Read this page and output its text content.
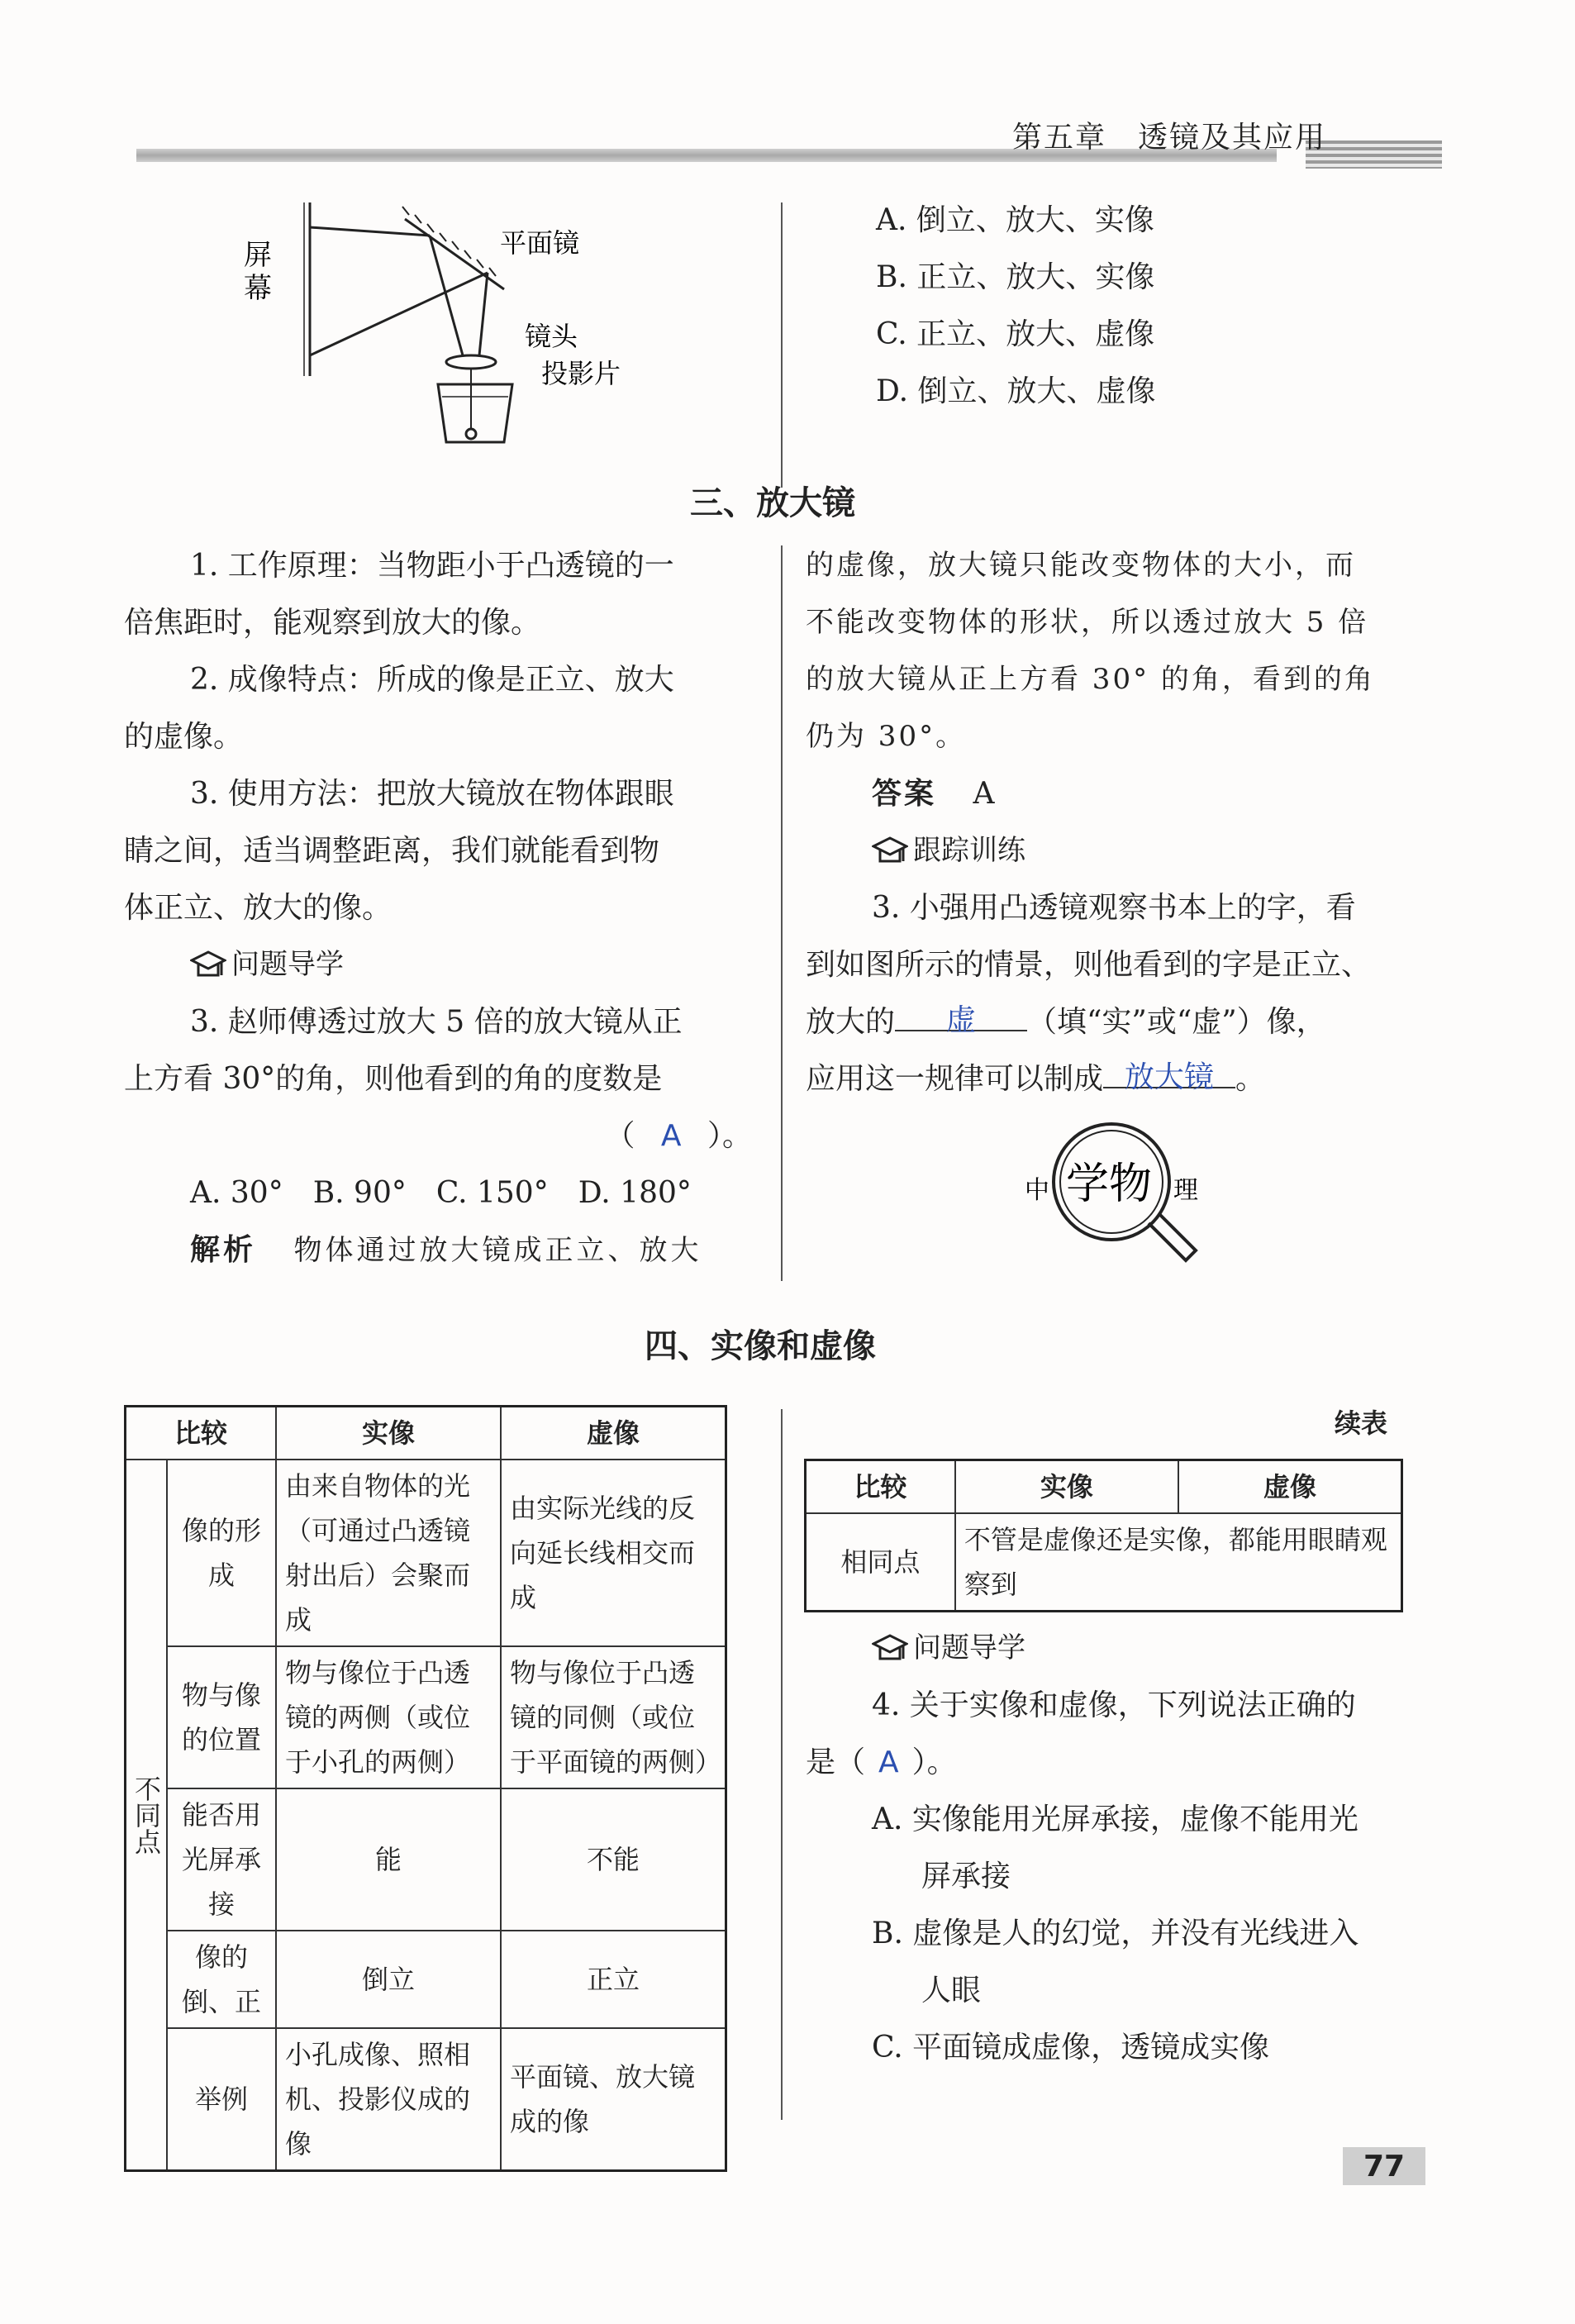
第五章　透镜及其应用
屏
幕
平面镜
镜头
投影片
A. 倒立、放大、实像
B. 正立、放大、实像
C. 正立、放大、虚像
D. 倒立、放大、虚像
三、放大镜
1. 工作原理：当物距小于凸透镜的一
倍焦距时，能观察到放大的像。
2. 成像特点：所成的像是正立、放大
的虚像。
3. 使用方法：把放大镜放在物体跟眼
睛之间，适当调整距离，我们就能看到物
体正立、放大的像。
问题导学
3. 赵师傅透过放大 5 倍的放大镜从正
上方看 30°的角，则他看到的角的度数是
（ A ）。
A. 30°　B. 90°　C. 150°　D. 180°
解析 物体通过放大镜成正立、放大
的虚像，放大镜只能改变物体的大小，而
不能改变物体的形状，所以透过放大 5 倍
的放大镜从正上方看 30° 的角，看到的角
仍为 30°。
答案 A
跟踪训练
3. 小强用凸透镜观察书本上的字，看
到如图所示的情景，则他看到的字是正立、
放大的	虚	（填“实”或“虚”）像，
应用这一规律可以制成 放大镜 。
中 学物 理
四、实像和虚像
比较		实像	虚像
不同点	像的形成	由来自物体的光（可通过凸透镜射出后）会聚而成	由实际光线的反向延长线相交而成
	物与像的位置	物与像位于凸透镜的两侧（或位于小孔的两侧）	物与像位于凸透镜的同侧（或位于平面镜的两侧）
	能否用光屏承接	能	不能
	像的倒、正	倒立	正立
	举例	小孔成像、照相机、投影仪成的像	平面镜、放大镜成的像
续表
比较	实像	虚像
相同点	不管是虚像还是实像，都能用眼睛观察到	
问题导学
4. 关于实像和虚像，下列说法正确的
是（ A ）。
A. 实像能用光屏承接，虚像不能用光
屏承接
B. 虚像是人的幻觉，并没有光线进入
人眼
C. 平面镜成虚像，透镜成实像
77
